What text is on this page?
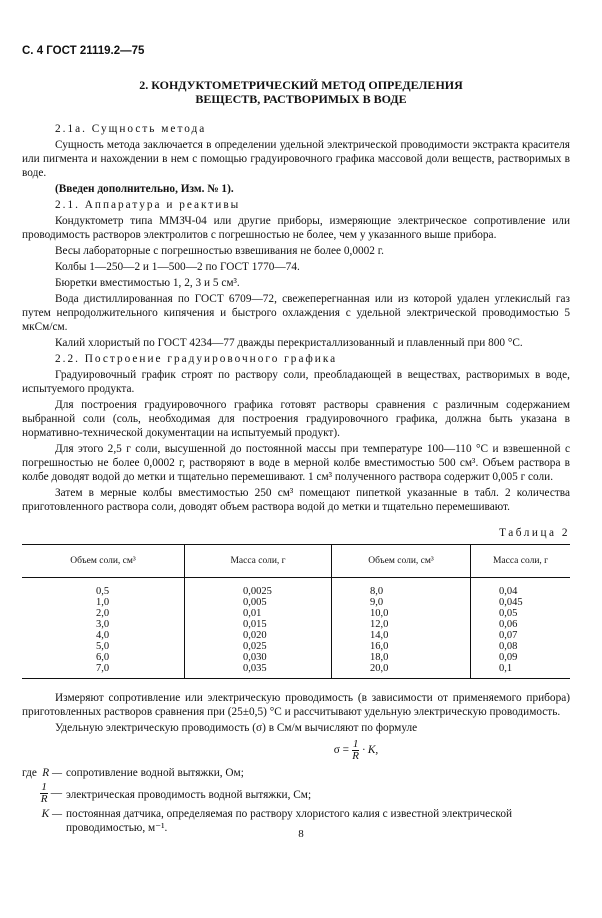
С. 4 ГОСТ 21119.2—75
2. КОНДУКТОМЕТРИЧЕСКИЙ МЕТОД ОПРЕДЕЛЕНИЯ
ВЕЩЕСТВ, РАСТВОРИМЫХ В ВОДЕ

2.1а. Сущность метода

Сущность метода заключается в определении удельной электрической проводимости экстракта красителя или пигмента и нахождении в нем с помощью градуировочного графика массовой доли веществ, растворимых в воде.

(Введен дополнительно, Изм. № 1).

2.1. Аппаратура и реактивы

Кондуктометр типа ММЗЧ-04 или другие приборы, измеряющие электрическое сопротивление или проводимость растворов электролитов с погрешностью не более, чем у указанного выше прибора.

Весы лабораторные с погрешностью взвешивания не более 0,0002 г.

Колбы 1—250—2 и 1—500—2 по ГОСТ 1770—74.

Бюретки вместимостью 1, 2, 3 и 5 см³.

Вода дистиллированная по ГОСТ 6709—72, свежеперегнанная или из которой удален углекислый газ путем непродолжительного кипячения и быстрого охлаждения с удельной электрической проводимостью 5 мкСм/см.

Калий хлористый по ГОСТ 4234—77 дважды перекристаллизованный и плавленный при 800 °С.

2.2. Построение градуировочного графика

Градуировочный график строят по раствору соли, преобладающей в веществах, растворимых в воде, испытуемого продукта.

Для построения градуировочного графика готовят растворы сравнения с различным содержанием выбранной соли (соль, необходимая для построения градуировочного графика, должна быть указана в нормативно-технической документации на испытуемый продукт).

Для этого 2,5 г соли, высушенной до постоянной массы при температуре 100—110 °С и взвешенной с погрешностью не более 0,0002 г, растворяют в воде в мерной колбе вместимостью 500 см³. Объем раствора в колбе доводят водой до метки и тщательно перемешивают. 1 см³ полученного раствора содержит 0,005 г соли.

Затем в мерные колбы вместимостью 250 см³ помещают пипеткой указанные в табл. 2 количества приготовленного раствора соли, доводят объем раствора водой до метки и тщательно перемешивают.

Таблица 2
Объем соли, см³	Масса соли, г	Объем соли, см³	Масса соли, г
0,5	0,0025	8,0	0,04
1,0	0,005	9,0	0,045
2,0	0,01	10,0	0,05
3,0	0,015	12,0	0,06
4,0	0,020	14,0	0,07
5,0	0,025	16,0	0,08
6,0	0,030	18,0	0,09
7,0	0,035	20,0	0,1

Измеряют сопротивление или электрическую проводимость (в зависимости от применяемого прибора) приготовленных растворов сравнения при (25±0,5) °С и рассчитывают удельную электрическую проводимость.

Удельную электрическую проводимость (σ) в См/м вычисляют по формуле

$\sigma = \frac{1}{R} \cdot K$,
где R — сопротивление водной вытяжки, Ом;
$\frac{1}{R}$ — электрическая проводимость водной вытяжки, См;
K — постоянная датчика, определяемая по раствору хлористого калия с известной электрической проводимостью, м⁻¹.	8
